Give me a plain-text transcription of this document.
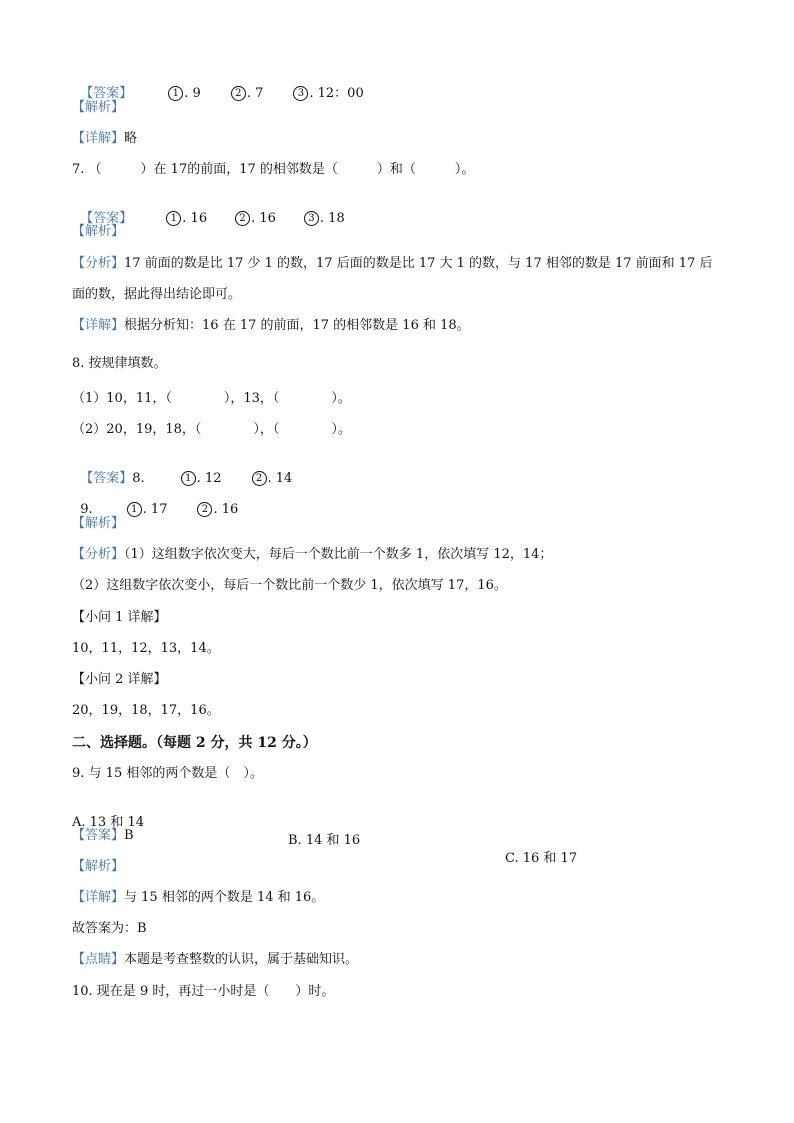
【答案】	1 . 9	2 . 7	3 . 12：00

【解析】
【详解】略
7. （　　　）在 17的前面，17 的相邻数是（　　　）和（　　　）。

【答案】	1 . 16	2 . 16	3 . 18

【解析】
【分析】17 前面的数是比 17 少 1 的数，17 后面的数是比 17 大 1 的数，与 17 相邻的数是 17 前面和 17 后
面的数，据此得出结论即可。
【详解】根据分析知：16 在 17 的前面，17 的相邻数是 16 和 18。
8. 按规律填数。
（1）10，11，（　　　　），13，（　　　　）。
（2）20，19，18，（　　　　），（　　　　）。

【答案】8.	1 . 12	2 . 14

9.	1 . 17	2 . 16

【解析】
【分析】（1）这组数字依次变大，每后一个数比前一个数多 1，依次填写 12，14；
（2）这组数字依次变小，每后一个数比前一个数少 1，依次填写 17，16。
【小问 1 详解】
10，11，12，13，14。
【小问 2 详解】
20，19，18，17，16。
二、选择题。（每题 2 分，共 12 分。）
9. 与 15 相邻的两个数是（　）。

A. 13 和 14

B. 14 和 16

C. 16 和 17

【答案】B
【解析】
【详解】与 15 相邻的两个数是 14 和 16。
故答案为：B
【点睛】本题是考查整数的认识，属于基础知识。
10. 现在是 9 时，再过一小时是（　　）时。
